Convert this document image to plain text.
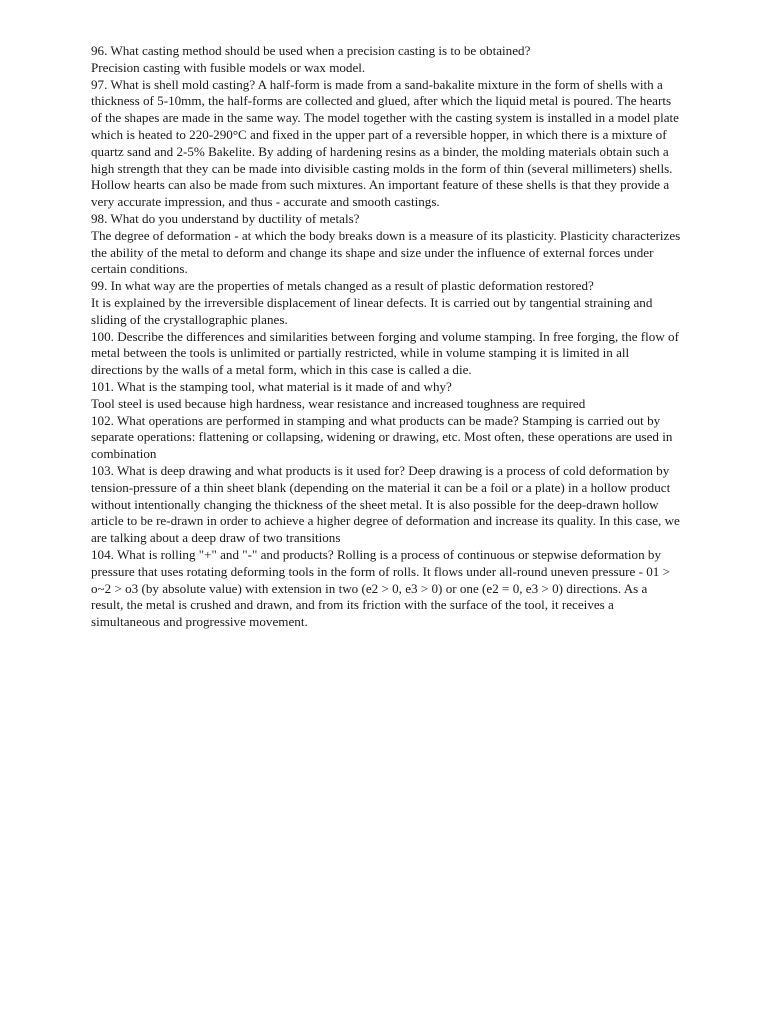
96. What casting method should be used when a precision casting is to be obtained?

Precision casting with fusible models or wax model.

97. What is shell mold casting? A half-form is made from a sand-bakalite mixture in the form of shells with a thickness of 5-10mm, the half-forms are collected and glued, after which the liquid metal is poured. The hearts of the shapes are made in the same way. The model together with the casting system is installed in a model plate which is heated to 220-290°C and fixed in the upper part of a reversible hopper, in which there is a mixture of quartz sand and 2-5% Bakelite. By adding of hardening resins as a binder, the molding materials obtain such a high strength that they can be made into divisible casting molds in the form of thin (several millimeters) shells. Hollow hearts can also be made from such mixtures. An important feature of these shells is that they provide a very accurate impression, and thus - accurate and smooth castings.

98. What do you understand by ductility of metals?

The degree of deformation - at which the body breaks down is a measure of its plasticity. Plasticity characterizes the ability of the metal to deform and change its shape and size under the influence of external forces under certain conditions.

99. In what way are the properties of metals changed as a result of plastic deformation restored?

It is explained by the irreversible displacement of linear defects. It is carried out by tangential straining and sliding of the crystallographic planes.

100. Describe the differences and similarities between forging and volume stamping. In free forging, the flow of metal between the tools is unlimited or partially restricted, while in volume stamping it is limited in all directions by the walls of a metal form, which in this case is called a die.

101. What is the stamping tool, what material is it made of and why?

Tool steel is used because high hardness, wear resistance and increased toughness are required

102. What operations are performed in stamping and what products can be made? Stamping is carried out by separate operations: flattening or collapsing, widening or drawing, etc. Most often, these operations are used in combination

103. What is deep drawing and what products is it used for? Deep drawing is a process of cold deformation by tension-pressure of a thin sheet blank (depending on the material it can be a foil or a plate) in a hollow product without intentionally changing the thickness of the sheet metal. It is also possible for the deep-drawn hollow article to be re-drawn in order to achieve a higher degree of deformation and increase its quality. In this case, we are talking about a deep draw of two transitions

104. What is rolling "+" and "-" and products? Rolling is a process of continuous or stepwise deformation by pressure that uses rotating deforming tools in the form of rolls. It flows under all-round uneven pressure - 01 > o~2 > o3 (by absolute value) with extension in two (e2 > 0, e3 > 0) or one (e2 = 0, e3 > 0) directions. As a result, the metal is crushed and drawn, and from its friction with the surface of the tool, it receives a simultaneous and progressive movement.
